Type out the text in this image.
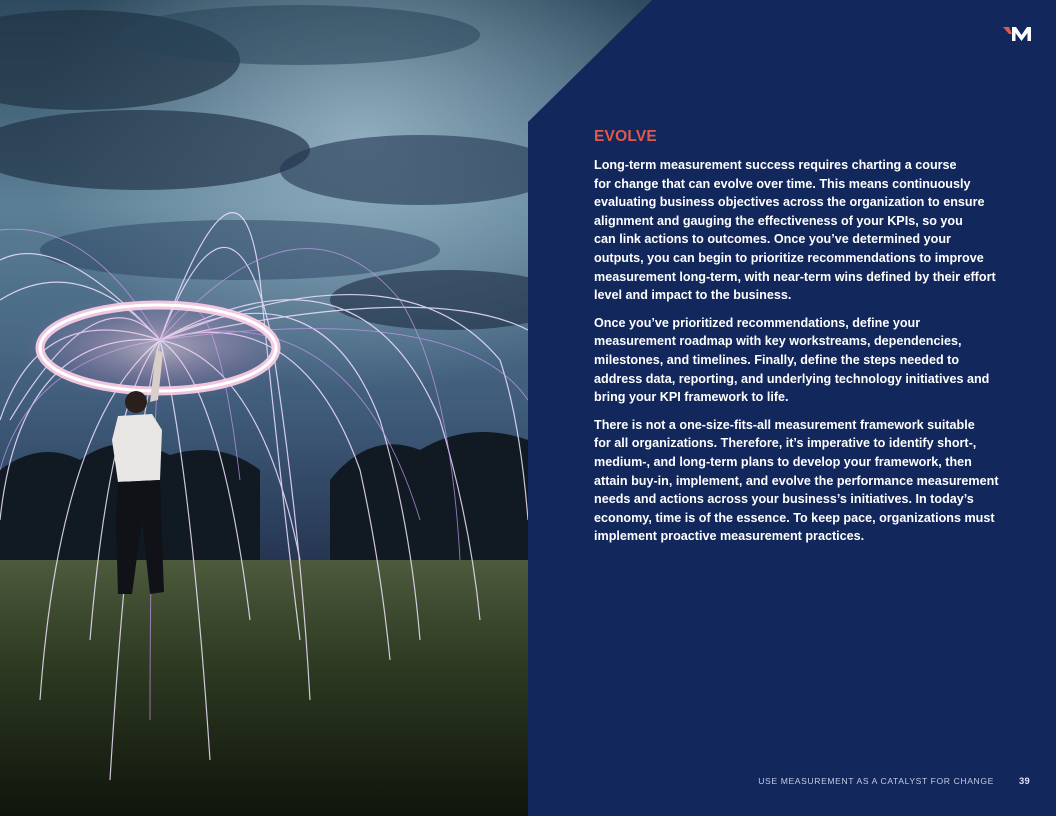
EVOLVE

Long-term measurement success requires charting a course
for change that can evolve over time. This means continuously
evaluating business objectives across the organization to ensure
alignment and gauging the effectiveness of your KPIs, so you
can link actions to outcomes. Once you’ve determined your
outputs, you can begin to prioritize recommendations to improve
measurement long-term, with near-term wins defined by their effort
level and impact to the business.

Once you’ve prioritized recommendations, define your
measurement roadmap with key workstreams, dependencies,
milestones, and timelines. Finally, define the steps needed to
address data, reporting, and underlying technology initiatives and
bring your KPI framework to life.

There is not a one-size-fits-all measurement framework suitable
for all organizations. Therefore, it’s imperative to identify short-,
medium-, and long-term plans to develop your framework, then
attain buy-in, implement, and evolve the performance measurement
needs and actions across your business’s initiatives. In today’s
economy, time is of the essence. To keep pace, organizations must
implement proactive measurement practices.

USE MEASUREMENT AS A CATALYST FOR CHANGE	39
